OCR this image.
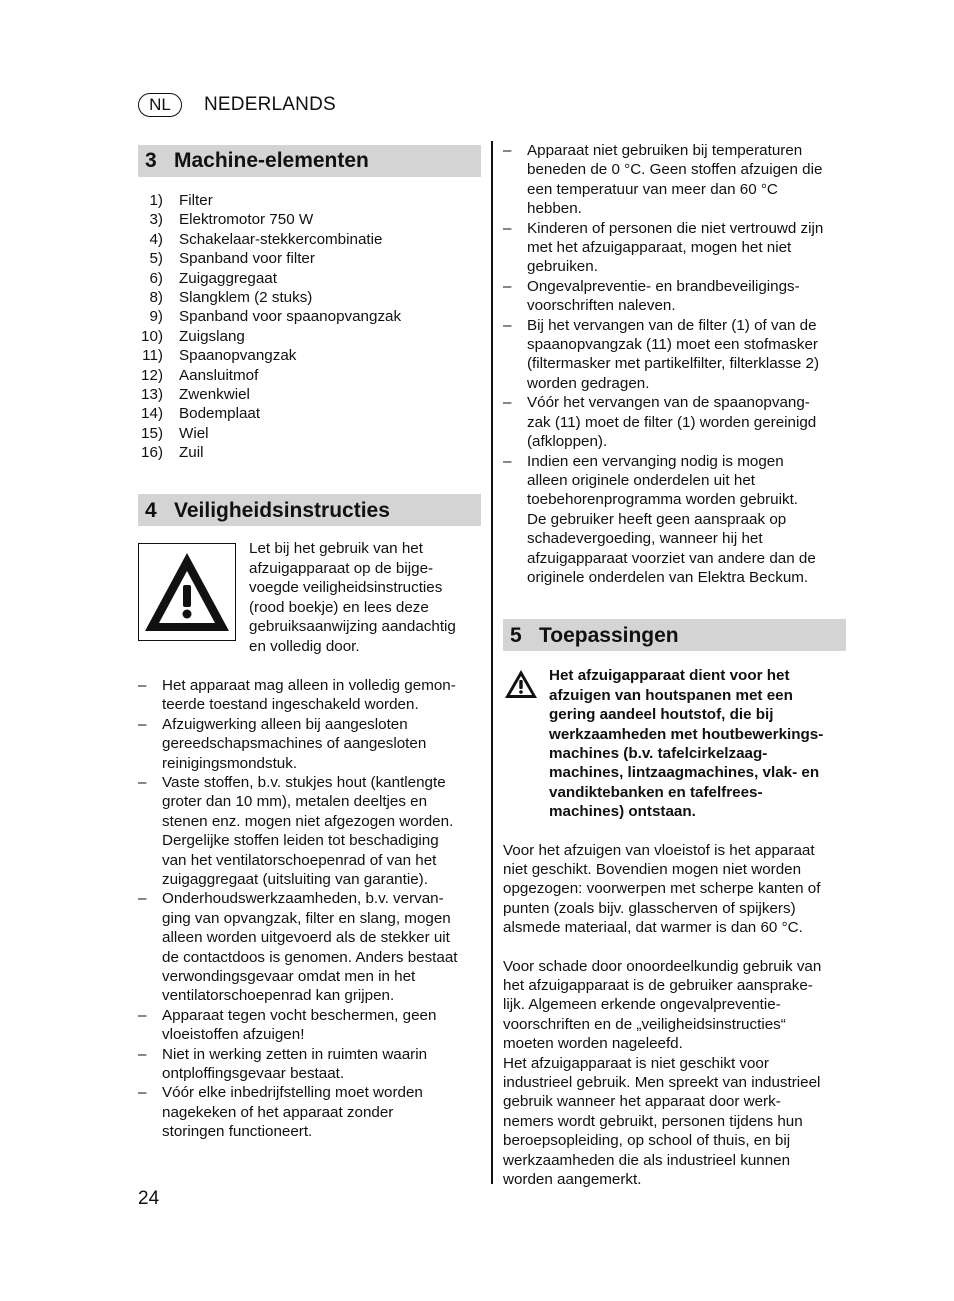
NL	NEDERLANDS
3 Machine-elementen
1) Filter
3) Elektromotor 750 W
4) Schakelaar-stekkercombinatie
5) Spanband voor filter
6) Zuigaggregaat
8) Slangklem (2 stuks)
9) Spanband voor spaanopvangzak
10) Zuigslang
11) Spaanopvangzak
12) Aansluitmof
13) Zwenkwiel
14) Bodemplaat
15) Wiel
16) Zuil
4 Veiligheidsinstructies
Let bij het gebruik van het
afzuigapparaat op de bijge-
voegde veiligheidsinstructies
(rood boekje) en lees deze
gebruiksaanwijzing aandachtig
en volledig door.
–	Het apparaat mag alleen in volledig gemon-
teerde toestand ingeschakeld worden.
–	Afzuigwerking alleen bij aangesloten
gereedschapsmachines of aangesloten
reinigingsmondstuk.
–	Vaste stoffen, b.v. stukjes hout (kantlengte
groter dan 10 mm), metalen deeltjes en
stenen enz. mogen niet afgezogen worden.
Dergelijke stoffen leiden tot beschadiging
van het ventilatorschoepenrad of van het
zuigaggregaat (uitsluiting van garantie).
–	Onderhoudswerkzaamheden, b.v. vervan-
ging van opvangzak, filter en slang, mogen
alleen worden uitgevoerd als de stekker uit
de contactdoos is genomen. Anders bestaat
verwondingsgevaar omdat men in het
ventilatorschoepenrad kan grijpen.
–	Apparaat tegen vocht beschermen, geen
vloeistoffen afzuigen!
–	Niet in werking zetten in ruimten waarin
ontploffingsgevaar bestaat.
–	Vóór elke inbedrijfstelling moet worden
nagekeken of het apparaat zonder
storingen functioneert.
–	Apparaat niet gebruiken bij temperaturen
beneden de 0 °C. Geen stoffen afzuigen die
een temperatuur van meer dan 60 °C
hebben.
–	Kinderen of personen die niet vertrouwd zijn
met het afzuigapparaat, mogen het niet
gebruiken.
–	Ongevalpreventie- en brandbeveiligings-
voorschriften naleven.
–	Bij het vervangen van de filter (1) of van de
spaanopvangzak (11) moet een stofmasker
(filtermasker met partikelfilter, filterklasse 2)
worden gedragen.
–	Vóór het vervangen van de spaanopvang-
zak (11) moet de filter (1) worden gereinigd
(afkloppen).
–	Indien een vervanging nodig is mogen
alleen originele onderdelen uit het
toebehorenprogramma worden gebruikt.
De gebruiker heeft geen aanspraak op
schadevergoeding, wanneer hij het
afzuigapparaat voorziet van andere dan de
originele onderdelen van Elektra Beckum.
5 Toepassingen
Het afzuigapparaat dient voor het
afzuigen van houtspanen met een
gering aandeel houtstof, die bij
werkzaamheden met houtbewerkings-
machines (b.v. tafelcirkelzaag-
machines, lintzaagmachines, vlak- en
vandiktebanken en tafelfrees-
machines) ontstaan.

Voor het afzuigen van vloeistof is het apparaat
niet geschikt. Bovendien mogen niet worden
opgezogen: voorwerpen met scherpe kanten of
punten (zoals bijv. glasscherven of spijkers)
alsmede materiaal, dat warmer is dan 60 °C.

Voor schade door onoordeelkundig gebruik van
het afzuigapparaat is de gebruiker aansprake-
lijk. Algemeen erkende ongevalpreventie-
voorschriften en de „veiligheidsinstructies“
moeten worden nageleefd.
Het afzuigapparaat is niet geschikt voor
industrieel gebruik. Men spreekt van industrieel
gebruik wanneer het apparaat door werk-
nemers wordt gebruikt, personen tijdens hun
beroepsopleiding, op school of thuis, en bij
werkzaamheden die als industrieel kunnen
worden aangemerkt.

24
